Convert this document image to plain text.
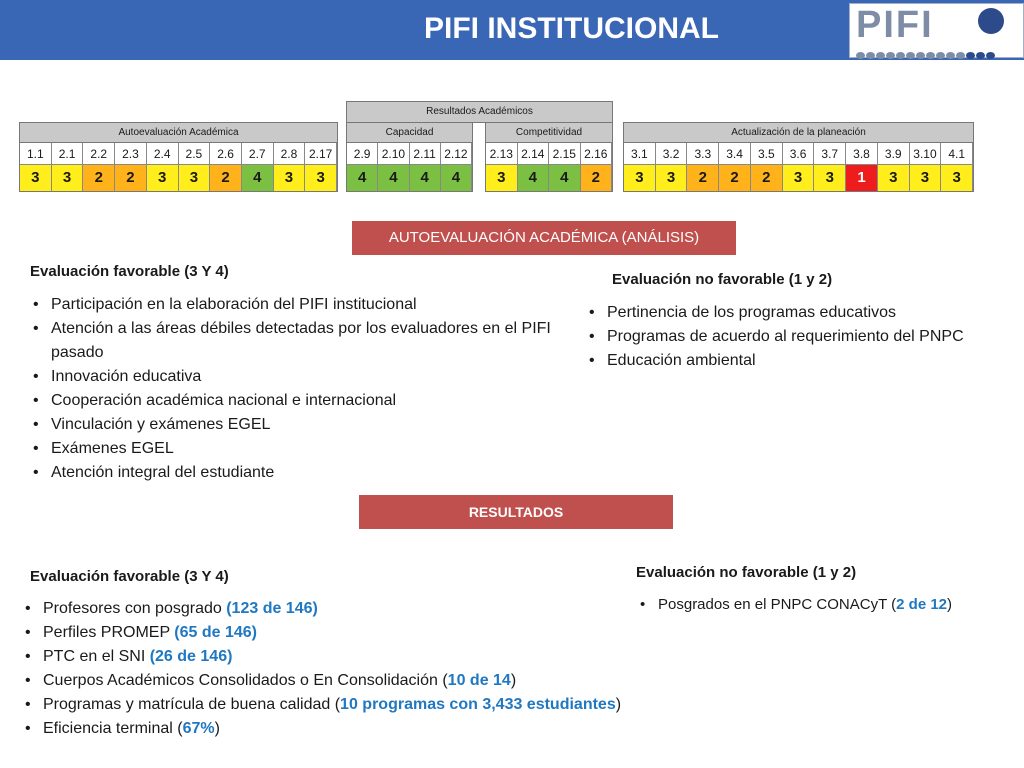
PIFI INSTITUCIONAL	PIFI
Resultados Académicos
Autoevaluación Académica
1.1	2.1	2.2	2.3	2.4	2.5	2.6	2.7	2.8 2.17
3	3	2	2	3	3	2	4	3	3
Capacidad
2.9 2.10 2.11 2.12
4	4	4	4
Competitividad
2.13 2.14 2.15 2.16
3	4	4	2
Actualización de la planeación
3.1	3.2	3.3	3.4	3.5	3.6	3.7	3.8	3.9 3.10 4.1
3	3	2	2	2	3	3	1	3	3	3
AUTOEVALUACIÓN ACADÉMICA (ANÁLISIS)
Evaluación favorable (3 Y 4)
• Participación en la elaboración del PIFI institucional
• Atención a las áreas débiles detectadas por los evaluadores en el PIFI pasado
• Innovación educativa
• Cooperación académica nacional e internacional
• Vinculación y exámenes EGEL
• Exámenes EGEL
• Atención integral del estudiante
Evaluación no favorable (1 y 2)
• Pertinencia de los programas educativos
• Programas de acuerdo al requerimiento del PNPC
• Educación ambiental
RESULTADOS
Evaluación favorable (3 Y 4)
• Profesores con posgrado (123 de 146)
• Perfiles PROMEP (65 de 146)
• PTC en el SNI (26 de 146)
• Cuerpos Académicos Consolidados o En Consolidación (10 de 14)
• Programas y matrícula de buena calidad (10 programas con 3,433 estudiantes)
• Eficiencia terminal (67%)
Evaluación no favorable (1 y 2)
• Posgrados en el PNPC CONACyT (2 de 12)
